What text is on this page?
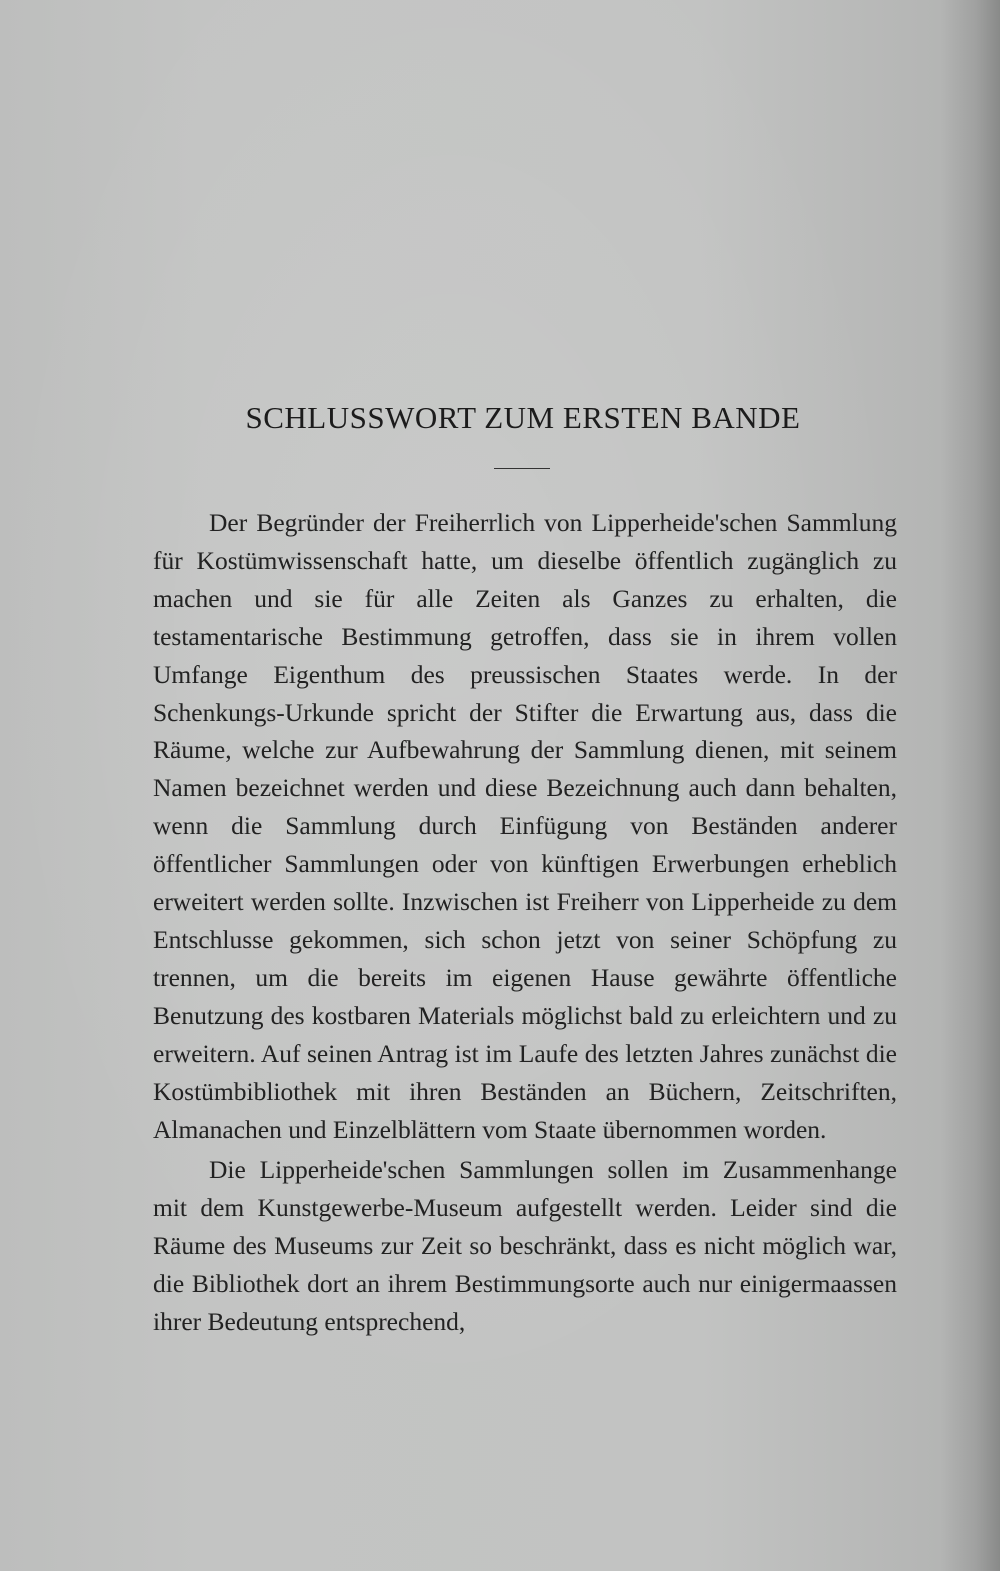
SCHLUSSWORT ZUM ERSTEN BANDE

Der Begründer der Freiherrlich von Lipperheide'schen Sammlung für Kostümwissenschaft hatte, um dieselbe öffentlich zugänglich zu machen und sie für alle Zeiten als Ganzes zu erhalten, die testamentarische Bestimmung getroffen, dass sie in ihrem vollen Umfange Eigenthum des preussischen Staates werde. In der Schenkungs-Urkunde spricht der Stifter die Erwartung aus, dass die Räume, welche zur Aufbewahrung der Sammlung dienen, mit seinem Namen bezeichnet werden und diese Bezeichnung auch dann behalten, wenn die Sammlung durch Einfügung von Beständen anderer öffentlicher Sammlungen oder von künftigen Erwerbungen erheblich erweitert werden sollte. Inzwischen ist Freiherr von Lipperheide zu dem Entschlusse gekommen, sich schon jetzt von seiner Schöpfung zu trennen, um die bereits im eigenen Hause gewährte öffentliche Benutzung des kostbaren Materials möglichst bald zu erleichtern und zu erweitern. Auf seinen Antrag ist im Laufe des letzten Jahres zunächst die Kostümbibliothek mit ihren Beständen an Büchern, Zeitschriften, Almanachen und Einzelblättern vom Staate übernommen worden.

Die Lipperheide'schen Sammlungen sollen im Zusammenhange mit dem Kunstgewerbe-Museum aufgestellt werden. Leider sind die Räume des Museums zur Zeit so beschränkt, dass es nicht möglich war, die Bibliothek dort an ihrem Bestimmungsorte auch nur einigermaassen ihrer Bedeutung entsprechend,
